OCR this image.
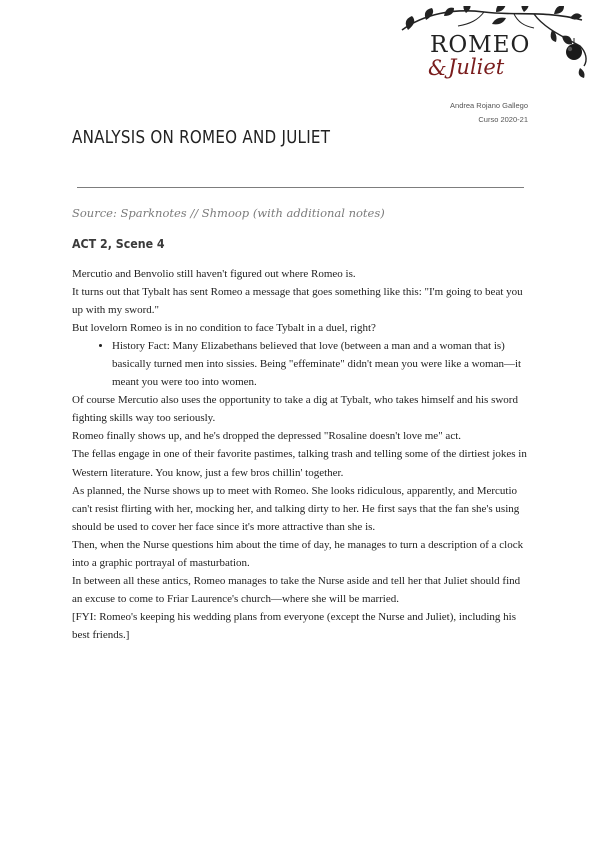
ROMEO
& Juliet
Andrea Rojano Gallego
Curso 2020-21
ANALYSIS ON ROMEO AND JULIET
Source: Sparknotes // Shmoop (with additional notes)
ACT 2, Scene 4

Mercutio and Benvolio still haven't figured out where Romeo is.

It turns out that Tybalt has sent Romeo a message that goes something like this: "I'm going to beat you up with my sword."

But lovelorn Romeo is in no condition to face Tybalt in a duel, right?

• History Fact: Many Elizabethans believed that love (between a man and a woman that is) basically turned men into sissies. Being "effeminate" didn't mean you were like a woman—it meant you were too into women.

Of course Mercutio also uses the opportunity to take a dig at Tybalt, who takes himself and his sword fighting skills way too seriously.

Romeo finally shows up, and he's dropped the depressed "Rosaline doesn't love me" act.

The fellas engage in one of their favorite pastimes, talking trash and telling some of the dirtiest jokes in Western literature. You know, just a few bros chillin' together.

As planned, the Nurse shows up to meet with Romeo. She looks ridiculous, apparently, and Mercutio can't resist flirting with her, mocking her, and talking dirty to her. He first says that the fan she's using should be used to cover her face since it's more attractive than she is.

Then, when the Nurse questions him about the time of day, he manages to turn a description of a clock into a graphic portrayal of masturbation.

In between all these antics, Romeo manages to take the Nurse aside and tell her that Juliet should find an excuse to come to Friar Laurence's church—where she will be married.

[FYI: Romeo's keeping his wedding plans from everyone (except the Nurse and Juliet), including his best friends.]
